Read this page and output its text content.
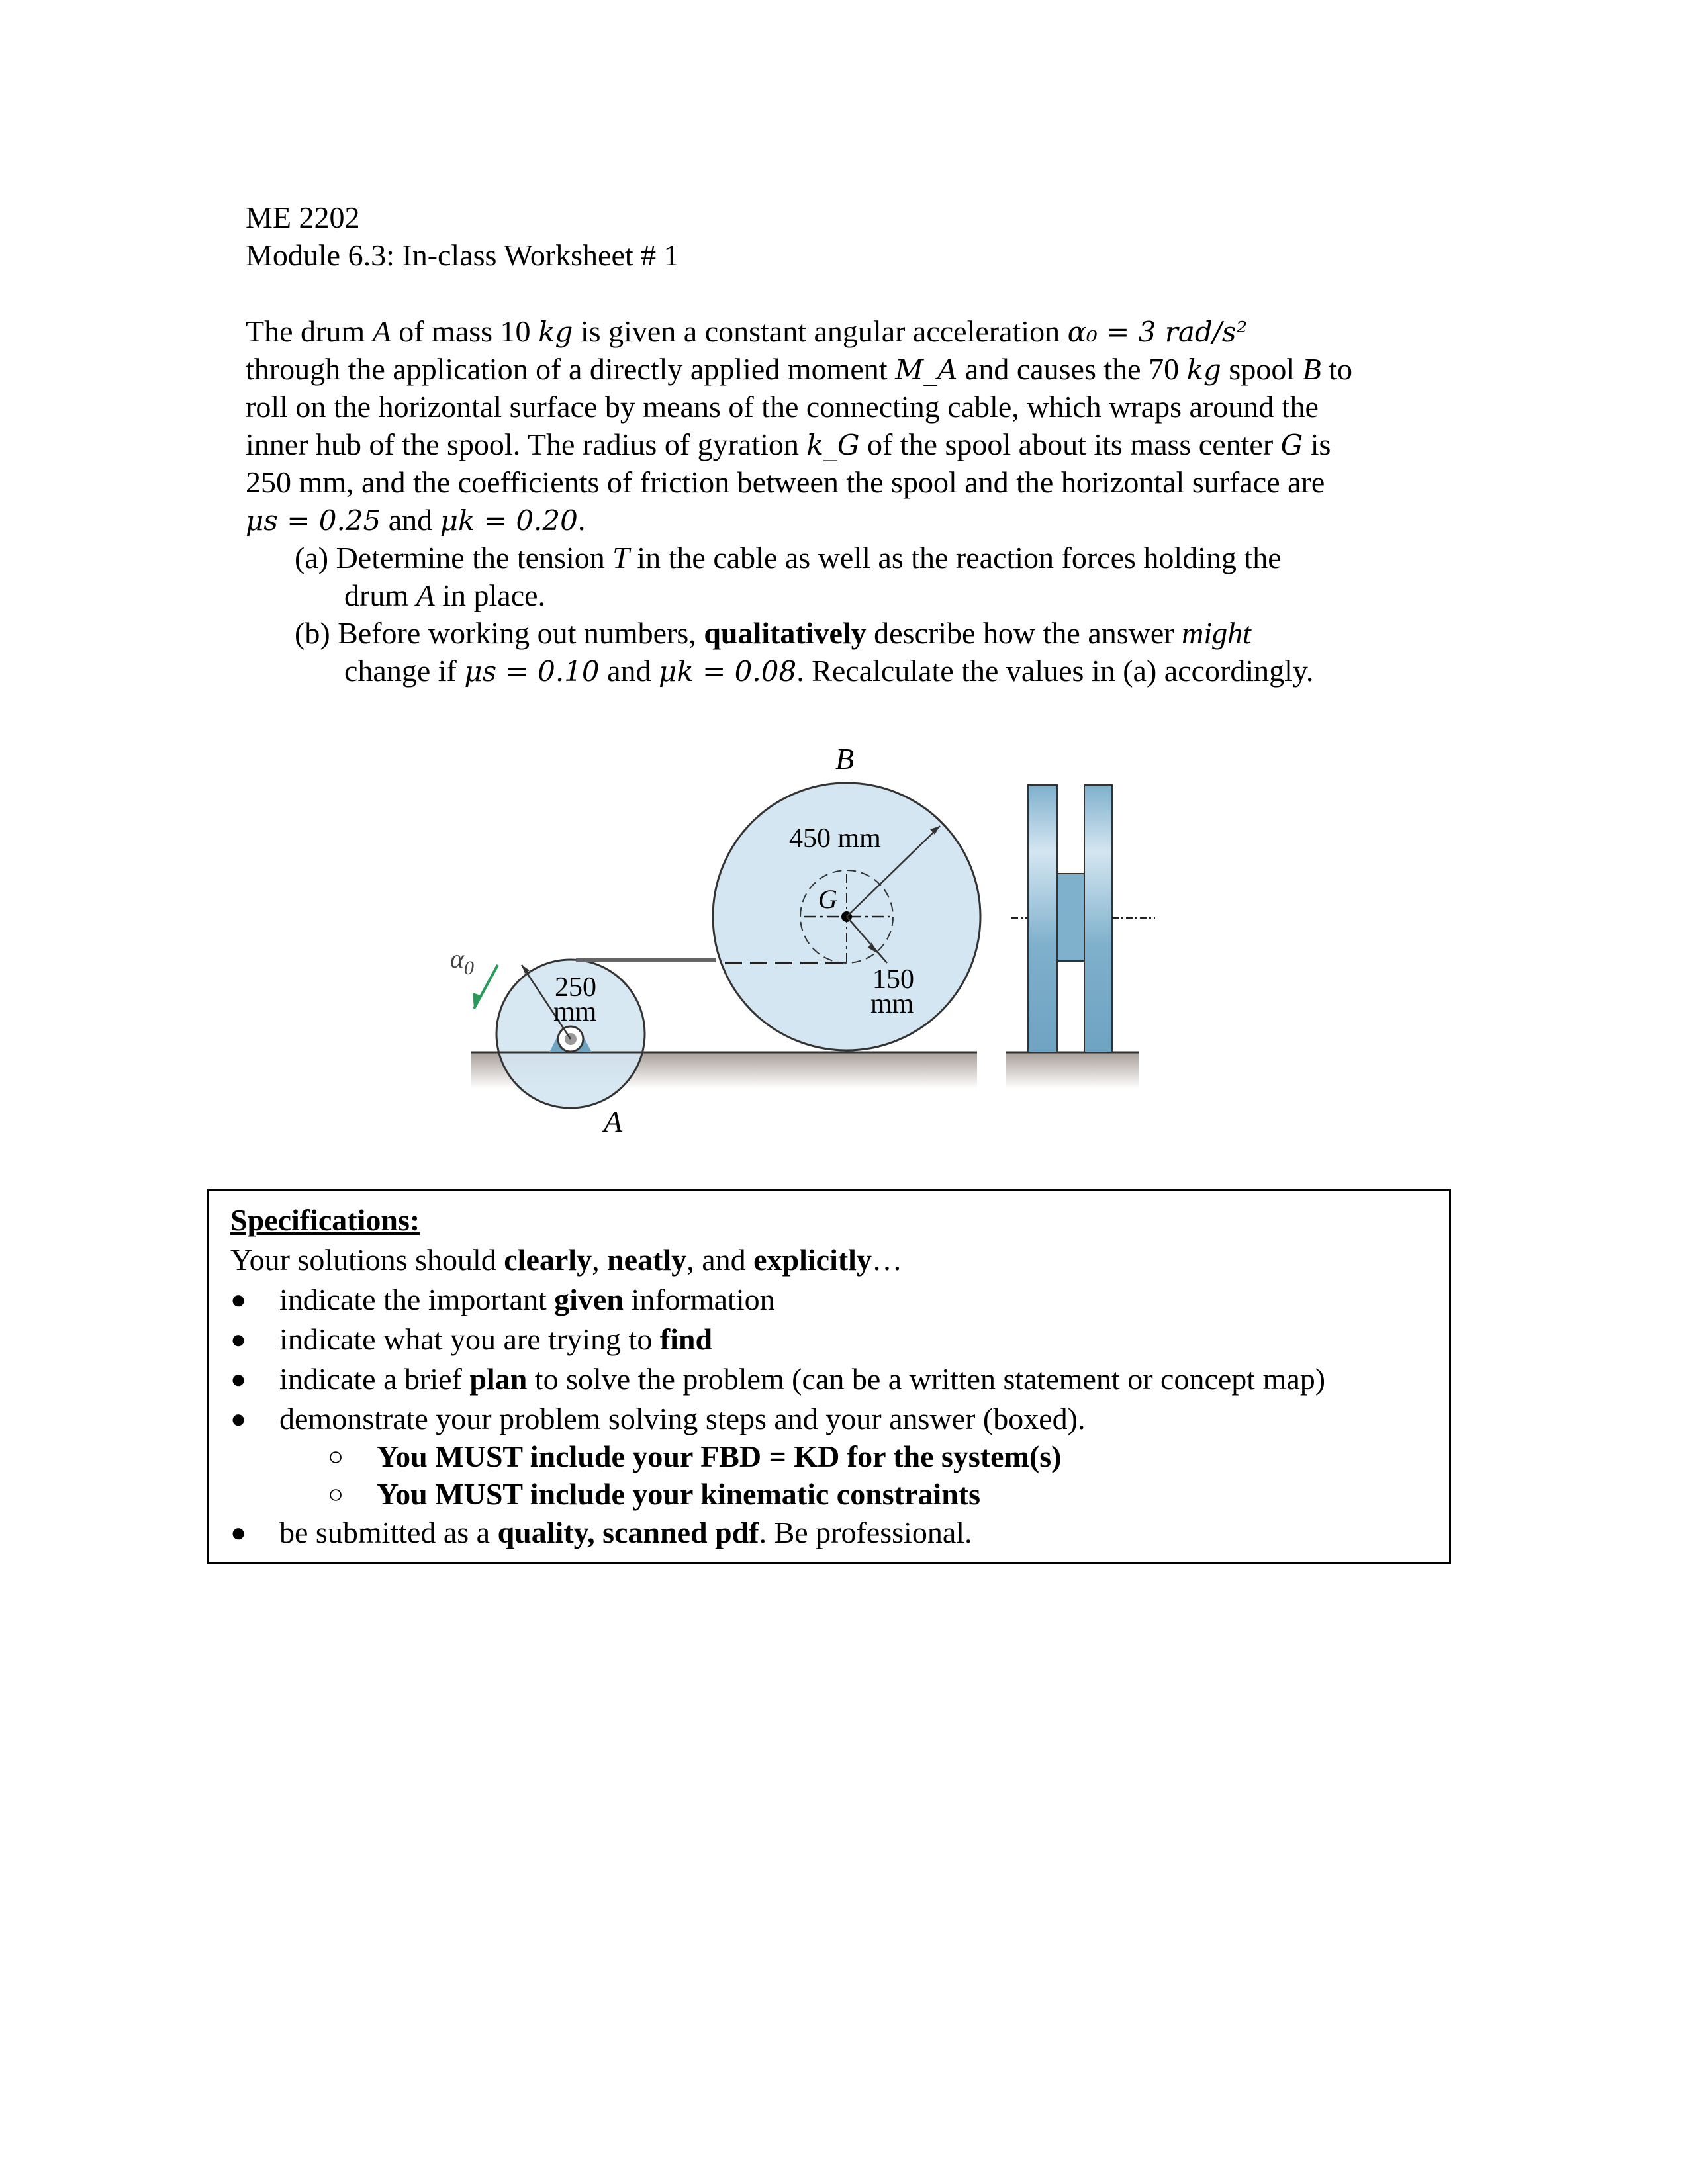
ME 2202
Module 6.3: In-class Worksheet # 1
The drum A of mass 10 kg is given a constant angular acceleration α₀ = 3 rad/s²
through the application of a directly applied moment M_A and causes the 70 kg spool B to
roll on the horizontal surface by means of the connecting cable, which wraps around the
inner hub of the spool. The radius of gyration k_G of the spool about its mass center G is
250 mm, and the coefficients of friction between the spool and the horizontal surface are
μs = 0.25 and μk = 0.20.
(a) Determine the tension T in the cable as well as the reaction forces holding the
drum A in place.
(b) Before working out numbers, qualitatively describe how the answer might
change if μs = 0.10 and μk = 0.08. Recalculate the values in (a) accordingly.
B
A
G
450 mm
150
mm
250
mm
$\alpha_0$
Specifications:
Your solutions should clearly, neatly, and explicitly…
● indicate the important given information
● indicate what you are trying to find
● indicate a brief plan to solve the problem (can be a written statement or concept map)
● demonstrate your problem solving steps and your answer (boxed).
○ You MUST include your FBD = KD for the system(s)
○ You MUST include your kinematic constraints
● be submitted as a quality, scanned pdf. Be professional.
